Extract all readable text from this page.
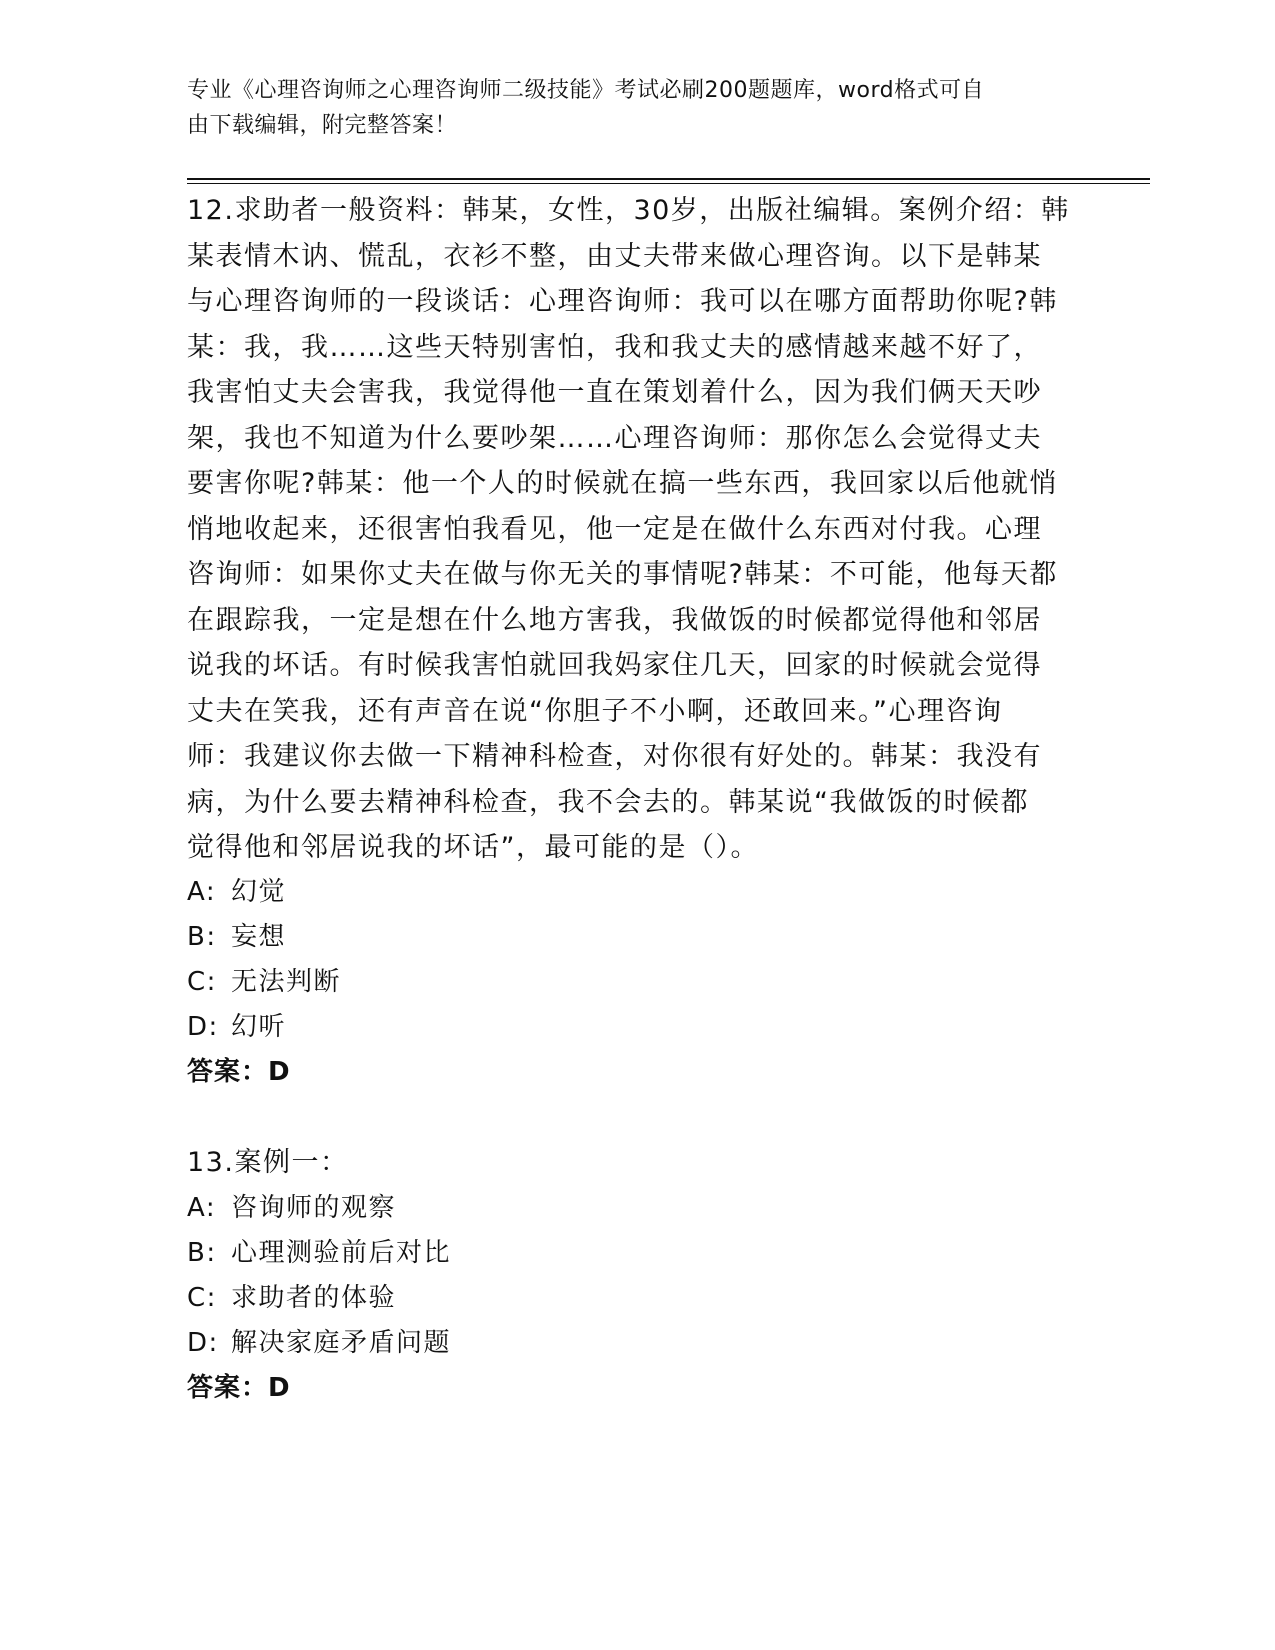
专业《心理咨询师之心理咨询师二级技能》考试必刷200题题库，word格式可自
由下载编辑，附完整答案！
12.求助者一般资料：韩某，女性，30岁，出版社编辑。案例介绍：韩
某表情木讷、慌乱，衣衫不整，由丈夫带来做心理咨询。以下是韩某
与心理咨询师的一段谈话：心理咨询师：我可以在哪方面帮助你呢?韩
某：我，我……这些天特别害怕，我和我丈夫的感情越来越不好了，
我害怕丈夫会害我，我觉得他一直在策划着什么，因为我们俩天天吵
架，我也不知道为什么要吵架……心理咨询师：那你怎么会觉得丈夫
要害你呢?韩某：他一个人的时候就在搞一些东西，我回家以后他就悄
悄地收起来，还很害怕我看见，他一定是在做什么东西对付我。心理
咨询师：如果你丈夫在做与你无关的事情呢?韩某：不可能，他每天都
在跟踪我，一定是想在什么地方害我，我做饭的时候都觉得他和邻居
说我的坏话。有时候我害怕就回我妈家住几天，回家的时候就会觉得
丈夫在笑我，还有声音在说“你胆子不小啊，还敢回来。”心理咨询
师：我建议你去做一下精神科检查，对你很有好处的。韩某：我没有
病，为什么要去精神科检查，我不会去的。韩某说“我做饭的时候都
觉得他和邻居说我的坏话”，最可能的是（）。
A: 幻觉
B: 妄想
C: 无法判断
D: 幻听
答案：D
13.案例一：
A: 咨询师的观察
B: 心理测验前后对比
C: 求助者的体验
D: 解决家庭矛盾问题
答案：D
